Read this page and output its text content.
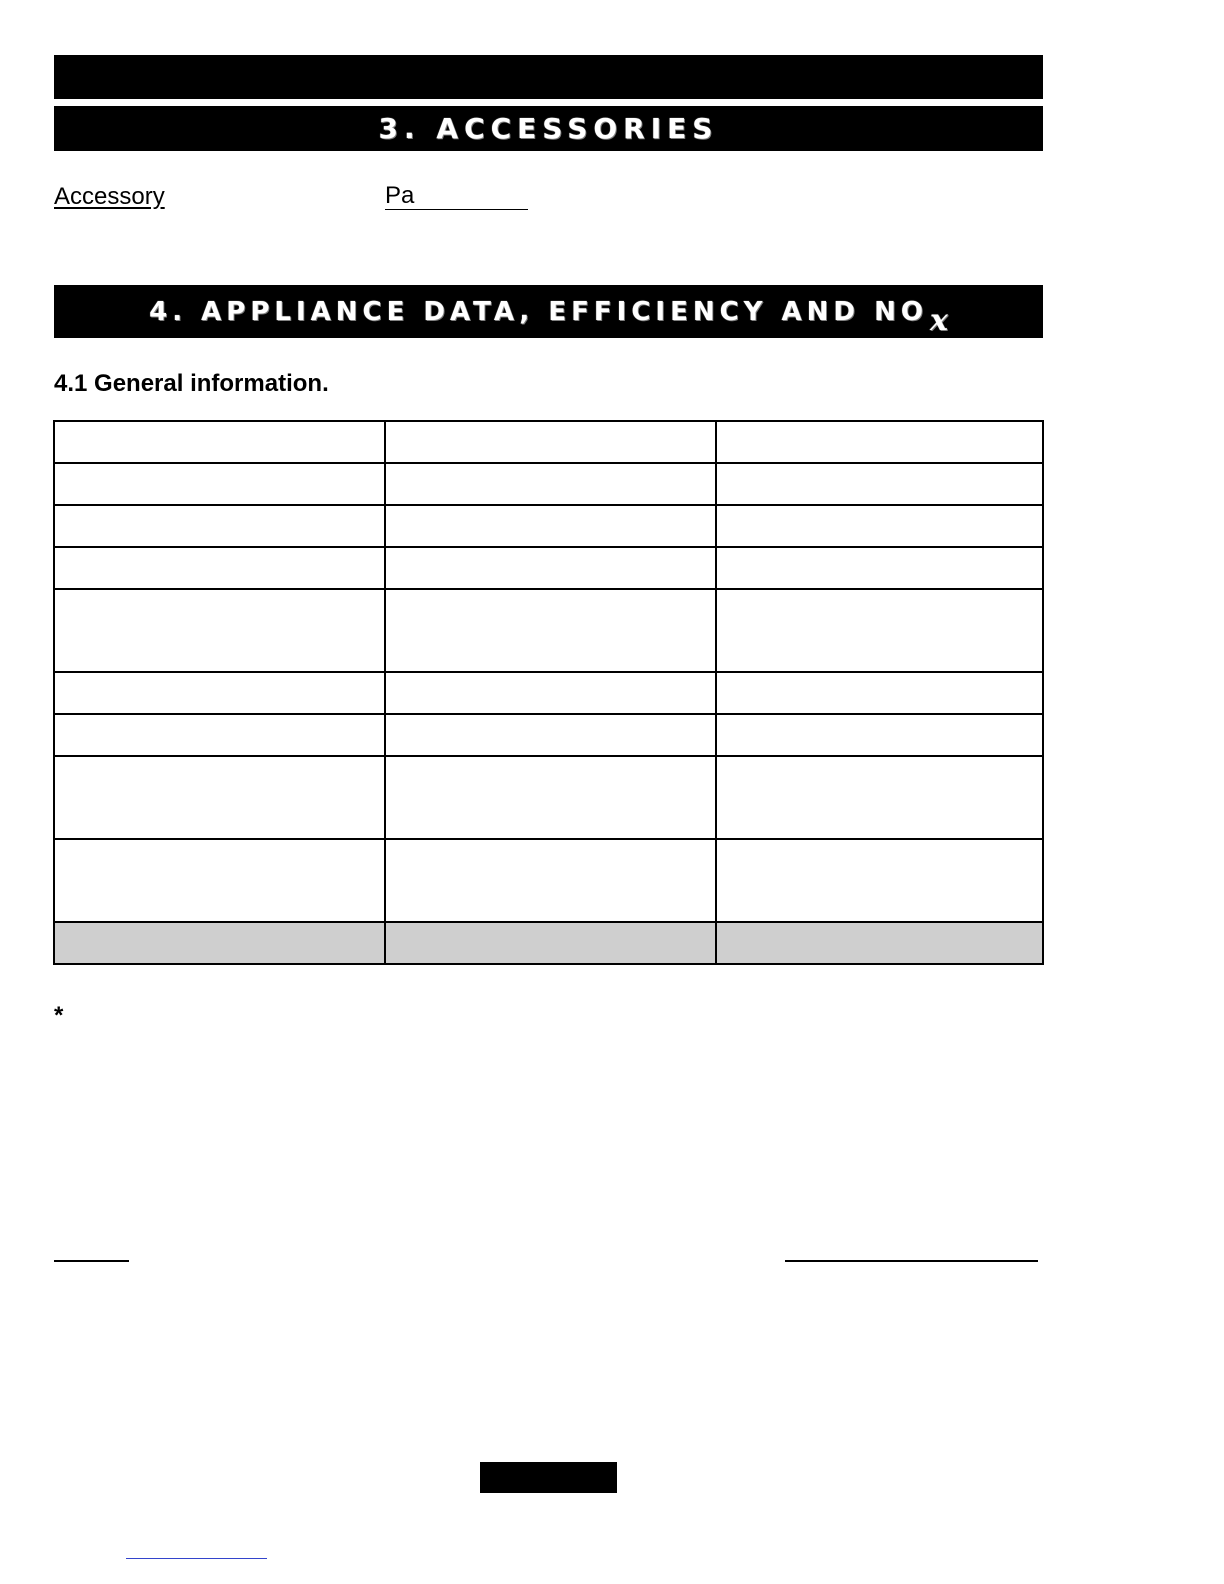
3. ACCESSORIES
Accessory	Pa
4. APPLIANCE DATA, EFFICIENCY AND NO x
4.1 General information.

*
